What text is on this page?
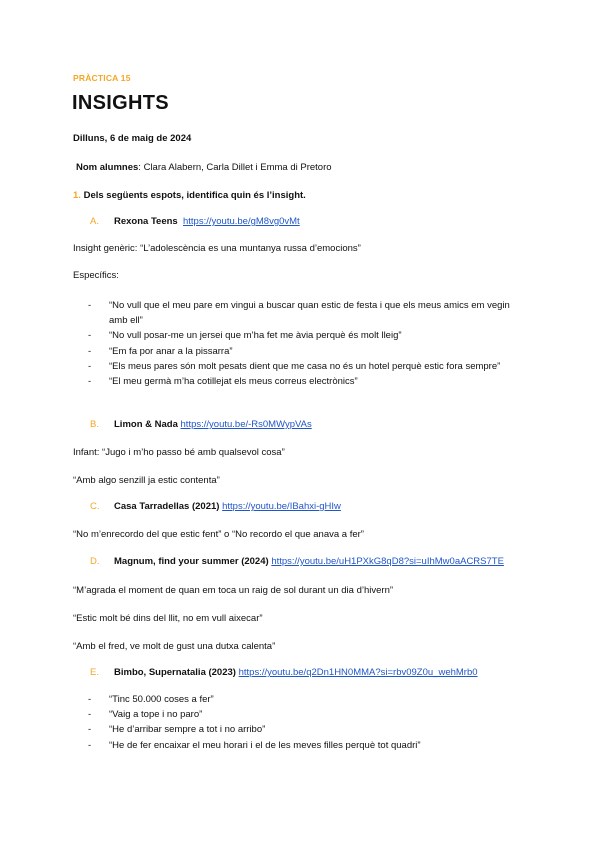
PRÀCTICA 15
INSIGHTS
Dilluns, 6 de maig de 2024
Nom alumnes: Clara Alabern, Carla Dillet i Emma di Pretoro
1. Dels següents espots, identifica quin és l’insight.
A. Rexona Teens https://youtu.be/gM8vg0vMt
Insight genèric: “L’adolescència es una muntanya russa d’emocions”
Específics:
- “No vull que el meu pare em vingui a buscar quan estic de festa i que els meus amics em vegin amb ell”
- “No vull posar-me un jersei que m’ha fet me àvia perquè és molt lleig”
- “Em fa por anar a la pissarra”
- “Els meus pares són molt pesats dient que me casa no és un hotel perquè estic fora sempre”
- “El meu germà m’ha cotillejat els meus correus electrònics”
B. Limon & Nada https://youtu.be/-Rs0MWypVAs
Infant: “Jugo i m’ho passo bé amb qualsevol cosa”
“Amb algo senzill ja estic contenta”
C. Casa Tarradellas (2021) https://youtu.be/IBahxi-gHIw
“No m’enrecordo del que estic fent” o “No recordo el que anava a fer”
D. Magnum, find your summer (2024) https://youtu.be/uH1PXkG8qD8?si=uIhMw0aACRS7TE
“M’agrada el moment de quan em toca un raig de sol durant un dia d’hivern”
“Estic molt bé dins del llit, no em vull aixecar”
“Amb el fred, ve molt de gust una dutxa calenta”
E. Bimbo, Supernatalia (2023) https://youtu.be/q2Dn1HN0MMA?si=rbv09Z0u_wehMrb0
- “Tinc 50.000 coses a fer”
- “Vaig a tope i no paro”
- “He d’arribar sempre a tot i no arribo”
- “He de fer encaixar el meu horari i el de les meves filles perquè tot quadri”
